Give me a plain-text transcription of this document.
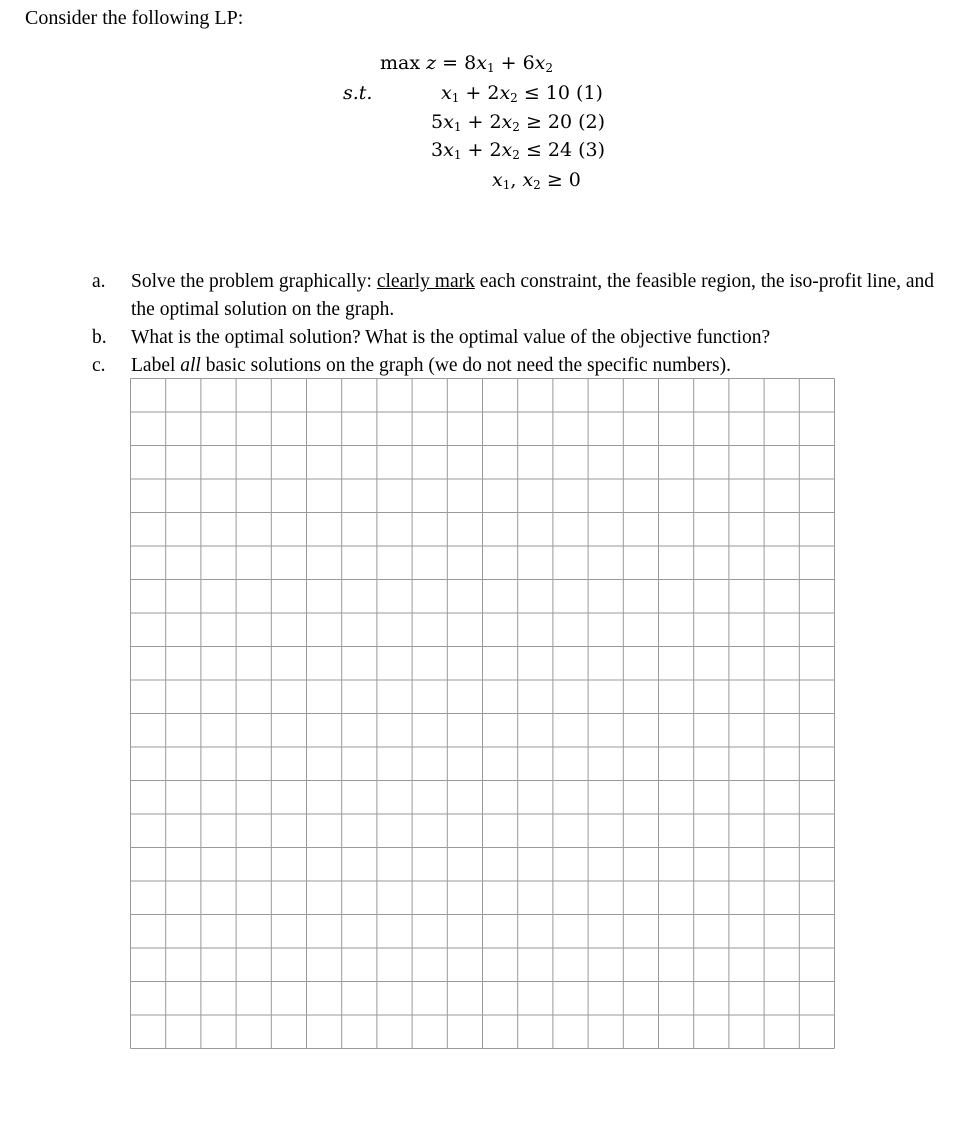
Consider the following LP:
$\max z = 8x_1 + 6x_2$
s.t.	$x_1 + 2x_2 \le 10$ (1)
$5x_1 + 2x_2 \ge 20$ (2)
$3x_1 + 2x_2 \le 24$ (3)
$x_1$, $x_2 \ge 0$
a.	Solve the problem graphically: clearly mark each constraint, the feasible region, the iso-profit line, and the optimal solution on the graph.
b.	What is the optimal solution? What is the optimal value of the objective function?
c.	Label all basic solutions on the graph (we do not need the specific numbers).
